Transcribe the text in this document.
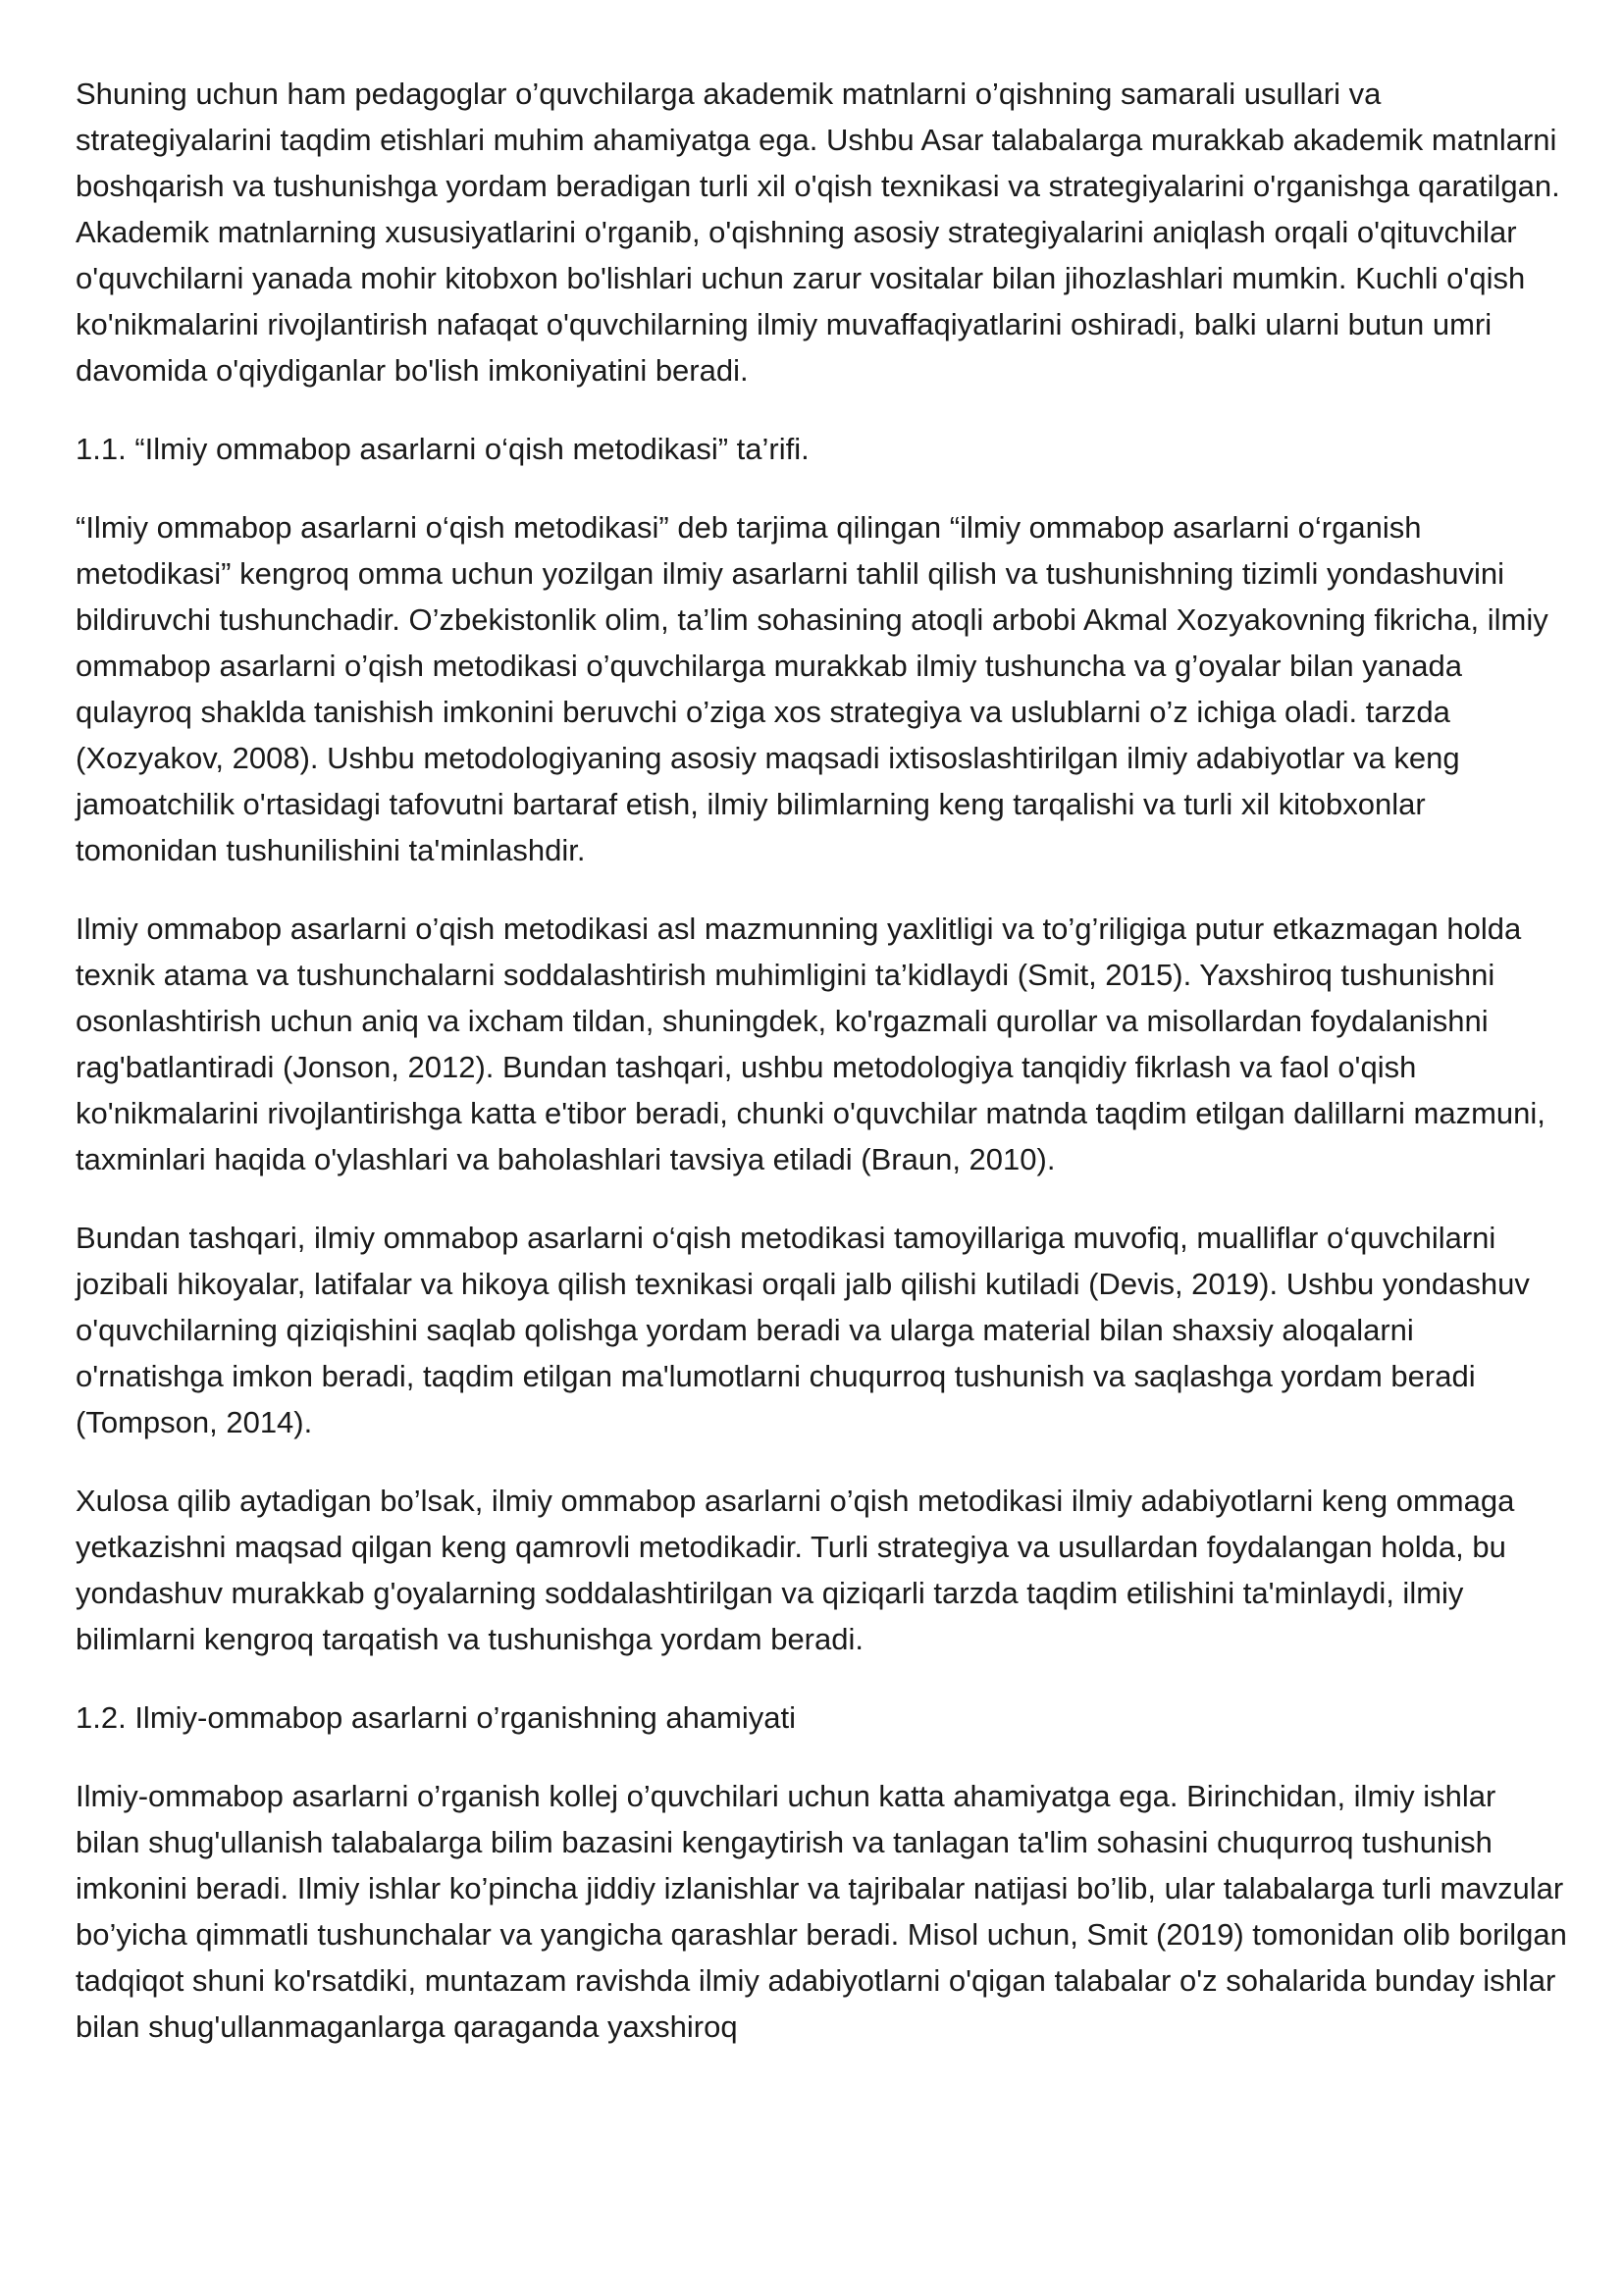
Shuning uchun ham pedagoglar o’quvchilarga akademik matnlarni o’qishning samarali usullari va strategiyalarini taqdim etishlari muhim ahamiyatga ega. Ushbu Asar talabalarga murakkab akademik matnlarni boshqarish va tushunishga yordam beradigan turli xil o'qish texnikasi va strategiyalarini o'rganishga qaratilgan. Akademik matnlarning xususiyatlarini o'rganib, o'qishning asosiy strategiyalarini aniqlash orqali o'qituvchilar o'quvchilarni yanada mohir kitobxon bo'lishlari uchun zarur vositalar bilan jihozlashlari mumkin. Kuchli o'qish ko'nikmalarini rivojlantirish nafaqat o'quvchilarning ilmiy muvaffaqiyatlarini oshiradi, balki ularni butun umri davomida o'qiydiganlar bo'lish imkoniyatini beradi.

1.1. “Ilmiy ommabop asarlarni o‘qish metodikasi” ta’rifi.

“Ilmiy ommabop asarlarni o‘qish metodikasi” deb tarjima qilingan “ilmiy ommabop asarlarni o‘rganish metodikasi” kengroq omma uchun yozilgan ilmiy asarlarni tahlil qilish va tushunishning tizimli yondashuvini bildiruvchi tushunchadir. O’zbekistonlik olim, ta’lim sohasining atoqli arbobi Akmal Xozyakovning fikricha, ilmiy ommabop asarlarni o’qish metodikasi o’quvchilarga murakkab ilmiy tushuncha va g’oyalar bilan yanada qulayroq shaklda tanishish imkonini beruvchi o’ziga xos strategiya va uslublarni o’z ichiga oladi. tarzda (Xozyakov, 2008). Ushbu metodologiyaning asosiy maqsadi ixtisoslashtirilgan ilmiy adabiyotlar va keng jamoatchilik o'rtasidagi tafovutni bartaraf etish, ilmiy bilimlarning keng tarqalishi va turli xil kitobxonlar tomonidan tushunilishini ta'minlashdir.

Ilmiy ommabop asarlarni o’qish metodikasi asl mazmunning yaxlitligi va to’g’riligiga putur etkazmagan holda texnik atama va tushunchalarni soddalashtirish muhimligini ta’kidlaydi (Smit, 2015). Yaxshiroq tushunishni osonlashtirish uchun aniq va ixcham tildan, shuningdek, ko'rgazmali qurollar va misollardan foydalanishni rag'batlantiradi (Jonson, 2012). Bundan tashqari, ushbu metodologiya tanqidiy fikrlash va faol o'qish ko'nikmalarini rivojlantirishga katta e'tibor beradi, chunki o'quvchilar matnda taqdim etilgan dalillarni mazmuni, taxminlari haqida o'ylashlari va baholashlari tavsiya etiladi (Braun, 2010).

Bundan tashqari, ilmiy ommabop asarlarni o‘qish metodikasi tamoyillariga muvofiq, mualliflar o‘quvchilarni jozibali hikoyalar, latifalar va hikoya qilish texnikasi orqali jalb qilishi kutiladi (Devis, 2019). Ushbu yondashuv o'quvchilarning qiziqishini saqlab qolishga yordam beradi va ularga material bilan shaxsiy aloqalarni o'rnatishga imkon beradi, taqdim etilgan ma'lumotlarni chuqurroq tushunish va saqlashga yordam beradi (Tompson, 2014).

Xulosa qilib aytadigan bo’lsak, ilmiy ommabop asarlarni o’qish metodikasi ilmiy adabiyotlarni keng ommaga yetkazishni maqsad qilgan keng qamrovli metodikadir. Turli strategiya va usullardan foydalangan holda, bu yondashuv murakkab g'oyalarning soddalashtirilgan va qiziqarli tarzda taqdim etilishini ta'minlaydi, ilmiy bilimlarni kengroq tarqatish va tushunishga yordam beradi.

1.2. Ilmiy-ommabop asarlarni o’rganishning ahamiyati

Ilmiy-ommabop asarlarni o’rganish kollej o’quvchilari uchun katta ahamiyatga ega. Birinchidan, ilmiy ishlar bilan shug'ullanish talabalarga bilim bazasini kengaytirish va tanlagan ta'lim sohasini chuqurroq tushunish imkonini beradi. Ilmiy ishlar ko’pincha jiddiy izlanishlar va tajribalar natijasi bo’lib, ular talabalarga turli mavzular bo’yicha qimmatli tushunchalar va yangicha qarashlar beradi. Misol uchun, Smit (2019) tomonidan olib borilgan tadqiqot shuni ko'rsatdiki, muntazam ravishda ilmiy adabiyotlarni o'qigan talabalar o'z sohalarida bunday ishlar bilan shug'ullanmaganlarga qaraganda yaxshiroq
